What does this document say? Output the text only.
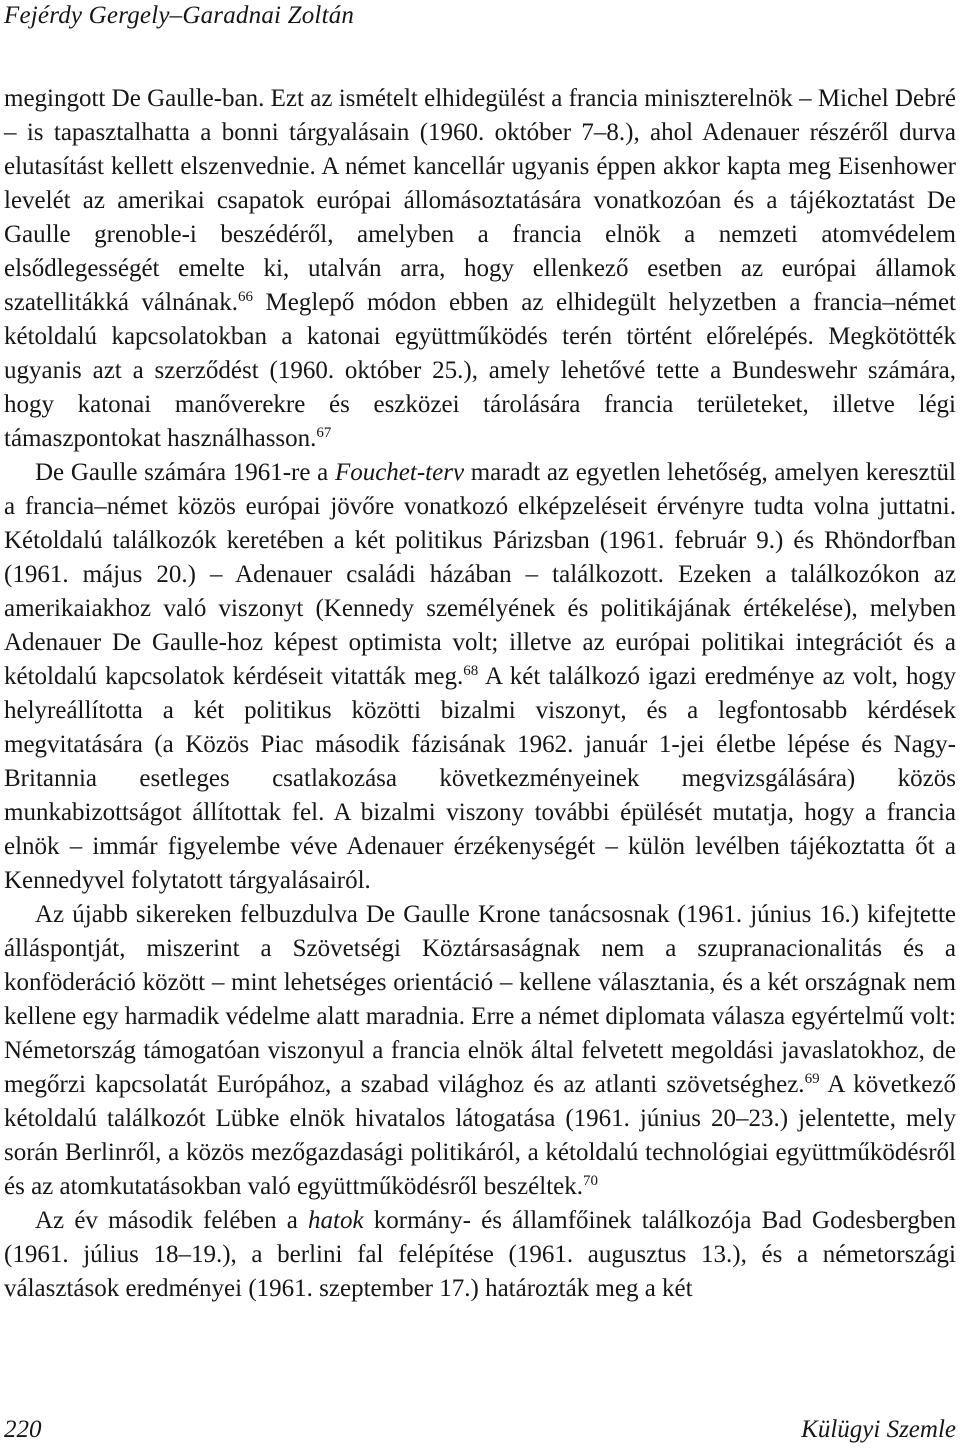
Fejérdy Gergely–Garadnai Zoltán

megingott De Gaulle-ban. Ezt az ismételt elhidegülést a francia miniszterelnök – Michel Debré – is tapasztalhatta a bonni tárgyalásain (1960. október 7–8.), ahol Adenauer részéről durva elutasítást kellett elszenvednie. A német kancellár ugyanis éppen akkor kapta meg Eisenhower levelét az amerikai csapatok európai állomásoztatására vonatkozóan és a tájékoztatást De Gaulle grenoble-i beszédéről, amelyben a francia elnök a nemzeti atomvédelem elsődlegességét emelte ki, utalván arra, hogy ellenkező esetben az európai államok szatellitákká válnának.$^{66}$ Meglepő módon ebben az elhidegült helyzetben a francia–német kétoldalú kapcsolatokban a katonai együttműködés terén történt előrelépés. Megkötötték ugyanis azt a szerződést (1960. október 25.), amely lehetővé tette a Bundeswehr számára, hogy katonai manőverekre és eszközei tárolására francia területeket, illetve légi támaszpontokat használhasson.$^{67}$

De Gaulle számára 1961-re a Fouchet-terv maradt az egyetlen lehetőség, amelyen keresztül a francia–német közös európai jövőre vonatkozó elképzeléseit érvényre tudta volna juttatni. Kétoldalú találkozók keretében a két politikus Párizsban (1961. február 9.) és Rhöndorfban (1961. május 20.) – Adenauer családi házában – találkozott. Ezeken a találkozókon az amerikaiakhoz való viszonyt (Kennedy személyének és politikájának értékelése), melyben Adenauer De Gaulle-hoz képest optimista volt; illetve az európai politikai integrációt és a kétoldalú kapcsolatok kérdéseit vitatták meg.$^{68}$ A két találkozó igazi eredménye az volt, hogy helyreállította a két politikus közötti bizalmi viszonyt, és a legfontosabb kérdések megvitatására (a Közös Piac második fázisának 1962. január 1-jei életbe lépése és Nagy-Britannia esetleges csatlakozása következményeinek megvizsgálására) közös munkabizottságot állítottak fel. A bizalmi viszony további épülését mutatja, hogy a francia elnök – immár figyelembe véve Adenauer érzékenységét – külön levélben tájékoztatta őt a Kennedyvel folytatott tárgyalásairól.

Az újabb sikereken felbuzdulva De Gaulle Krone tanácsosnak (1961. június 16.) kifejtette álláspontját, miszerint a Szövetségi Köztársaságnak nem a szupranacionalitás és a konföderáció között – mint lehetséges orientáció – kellene választania, és a két országnak nem kellene egy harmadik védelme alatt maradnia. Erre a német diplomata válasza egyértelmű volt: Németország támogatóan viszonyul a francia elnök által felvetett megoldási javaslatokhoz, de megőrzi kapcsolatát Európához, a szabad világhoz és az atlanti szövetséghez.$^{69}$ A következő kétoldalú találkozót Lübke elnök hivatalos látogatása (1961. június 20–23.) jelentette, mely során Berlinről, a közös mezőgazdasági politikáról, a kétoldalú technológiai együttműködésről és az atomkutatásokban való együttműködésről beszéltek.$^{70}$

Az év második felében a hatok kormány- és államfőinek találkozója Bad Godesbergben (1961. július 18–19.), a berlini fal felépítése (1961. augusztus 13.), és a németországi választások eredményei (1961. szeptember 17.) határozták meg a két

220	Külügyi Szemle
